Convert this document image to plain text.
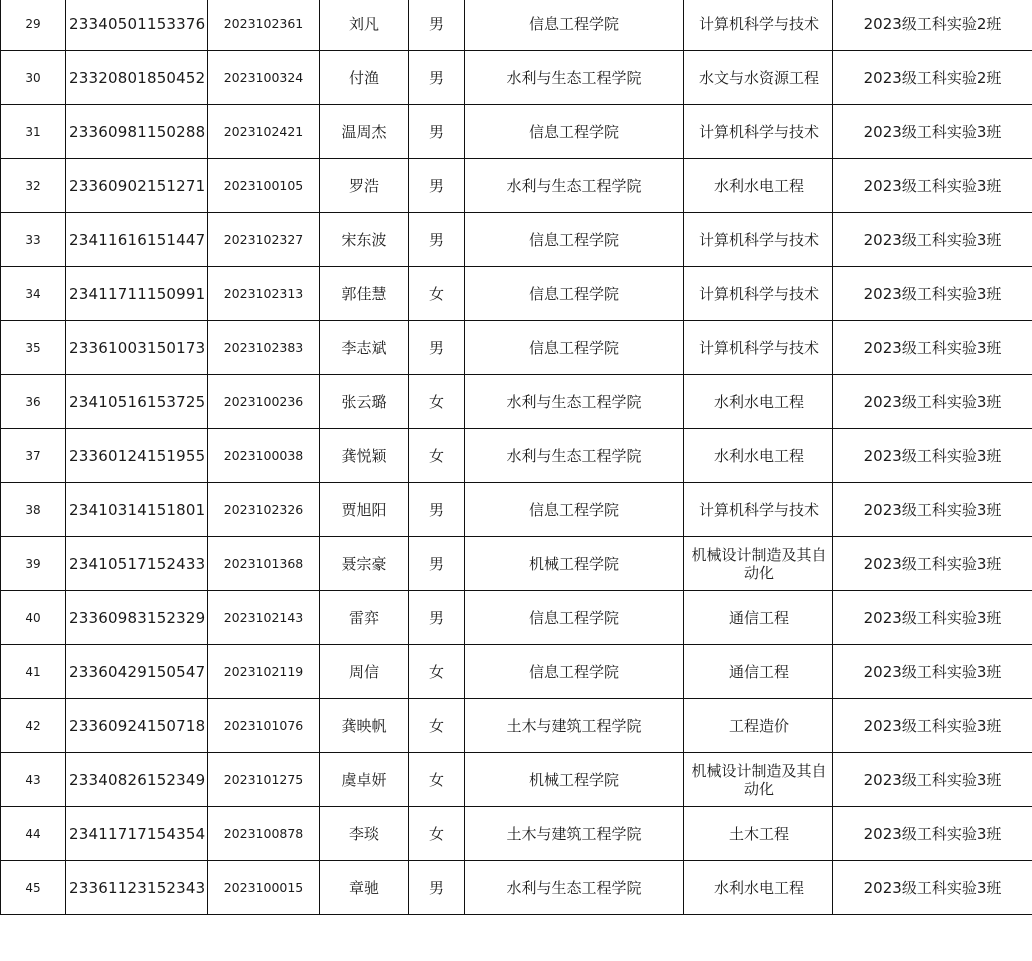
29	23340501153376	2023102361	刘凡	男	信息工程学院	计算机科学与技术	2023级工科实验2班
30	23320801850452	2023100324	付渔	男	水利与生态工程学院	水文与水资源工程	2023级工科实验2班
31	23360981150288	2023102421	温周杰	男	信息工程学院	计算机科学与技术	2023级工科实验3班
32	23360902151271	2023100105	罗浩	男	水利与生态工程学院	水利水电工程	2023级工科实验3班
33	23411616151447	2023102327	宋东波	男	信息工程学院	计算机科学与技术	2023级工科实验3班
34	23411711150991	2023102313	郭佳慧	女	信息工程学院	计算机科学与技术	2023级工科实验3班
35	23361003150173	2023102383	李志斌	男	信息工程学院	计算机科学与技术	2023级工科实验3班
36	23410516153725	2023100236	张云璐	女	水利与生态工程学院	水利水电工程	2023级工科实验3班
37	23360124151955	2023100038	龚悦颖	女	水利与生态工程学院	水利水电工程	2023级工科实验3班
38	23410314151801	2023102326	贾旭阳	男	信息工程学院	计算机科学与技术	2023级工科实验3班
39	23410517152433	2023101368	聂宗豪	男	机械工程学院	机械设计制造及其自动化	2023级工科实验3班
40	23360983152329	2023102143	雷弈	男	信息工程学院	通信工程	2023级工科实验3班
41	23360429150547	2023102119	周信	女	信息工程学院	通信工程	2023级工科实验3班
42	23360924150718	2023101076	龚映帆	女	土木与建筑工程学院	工程造价	2023级工科实验3班
43	23340826152349	2023101275	虞卓妍	女	机械工程学院	机械设计制造及其自动化	2023级工科实验3班
44	23411717154354	2023100878	李琰	女	土木与建筑工程学院	土木工程	2023级工科实验3班
45	23361123152343	2023100015	章驰	男	水利与生态工程学院	水利水电工程	2023级工科实验3班
